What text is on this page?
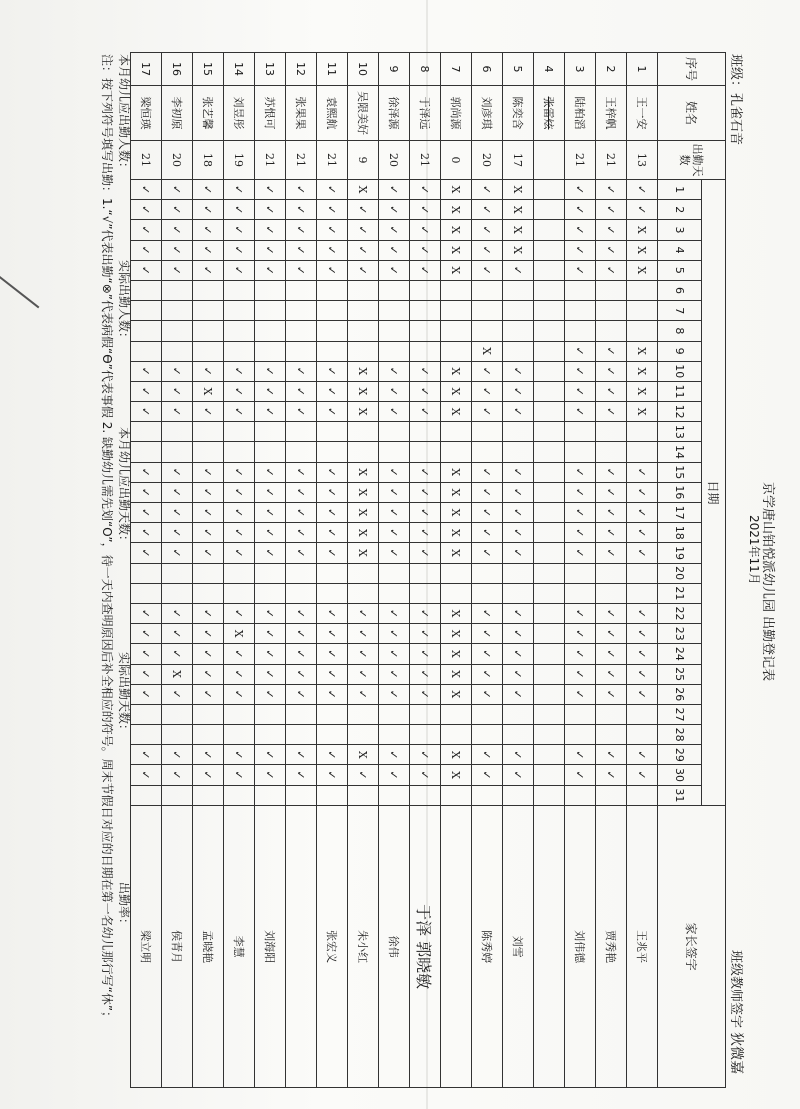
京学唐山铂悦派幼儿园 出勤登记表
2021年11月
班级：孔雀石音
班级教师签字 狄微嘉
序号	姓名	出勤天数	日期																															家长签字
			1	2	3	4	5	6	7	8	9	10	11	12	13	14	15	16	17	18	19	20	21	22	23	24	25	26	27	28	29	30	31	
1	王一安	13	✓	✓	X	X	X				X	X	X	X			✓	✓	✓	✓	✓			✓	✓	✓	✓	✓			✓	✓		王兆平
2	王梓帆	21	✓	✓	✓	✓	✓				✓	✓	✓	✓			✓	✓	✓	✓	✓			✓	✓	✓	✓	✓			✓	✓		贾秀艳
3	陆柏滔	21	✓	✓	✓	✓	✓				✓	✓	✓	✓			✓	✓	✓	✓	✓			✓	✓	✓	✓	✓			✓	✓		刘伟德
4	张雷炫																																	
5	陈奕含	17	X	X	X	X	✓					✓	✓	✓			✓	✓	✓	✓	✓			✓	✓	✓	✓	✓			✓	✓		刘雪
6	刘彦琪	20	✓	✓	✓	✓	✓				X	✓	✓	✓			✓	✓	✓	✓	✓			✓	✓	✓	✓	✓			✓	✓		陈秀婷
7	郭尚源	0	X	X	X	X	X					X	X	X			X	X	X	X	X			X	X	X	X	X			X	X		
8	于泽远	21	✓	✓	✓	✓	✓					✓	✓	✓			✓	✓	✓	✓	✓			✓	✓	✓	✓	✓			✓	✓		于泽 郭晓敏
9	徐泽源	20	✓	✓	✓	✓	✓					✓	✓	✓			✓	✓	✓	✓	✓			✓	✓	✓	✓	✓			✓	✓		徐伟
10	吴限美好	9	X	✓	✓	✓	✓					X	X	X			X	X	X	X	X			✓	✓	✓	✓	✓			X	✓		朱小红
11	袁熙航	21	✓	✓	✓	✓	✓					✓	✓	✓			✓	✓	✓	✓	✓			✓	✓	✓	✓	✓			✓	✓		张宏义
12	张果果	21	✓	✓	✓	✓	✓					✓	✓	✓			✓	✓	✓	✓	✓			✓	✓	✓	✓	✓			✓	✓		
13	苏恨可	21	✓	✓	✓	✓	✓					✓	✓	✓			✓	✓	✓	✓	✓			✓	✓	✓	✓	✓			✓	✓		刘海阳
14	刘昱彤	19	✓	✓	✓	✓	✓					✓	✓	✓			✓	✓	✓	✓	✓			✓	X	✓	✓	✓			✓	✓		李慧
15	张艺馨	18	✓	✓	✓	✓	✓					✓	X	✓			✓	✓	✓	✓	✓			✓	✓	✓	✓	✓			✓	✓		孟晓艳
16	李初原	20	✓	✓	✓	✓	✓					✓	✓	✓			✓	✓	✓	✓	✓			✓	✓	✓	X	✓			✓	✓		侯青月
17	梁恒瑛	21	✓	✓	✓	✓	✓					✓	✓	✓			✓	✓	✓	✓	✓			✓	✓	✓	✓	✓			✓	✓		梁立明
本月幼儿应出勤人数：
实际出勤人数：
本月幼儿应出勤天数：
实际出勤天数：
出勤率：
注：按下列符号填写出勤：1.“√”代表出勤“⊗”代表病假“ϴ”代表事假 2. 缺勤幼儿需先划“O”，待一天内查明原因后补全相应的符号。周末节假日对应的日期在第一名幼儿那行写“休”；
